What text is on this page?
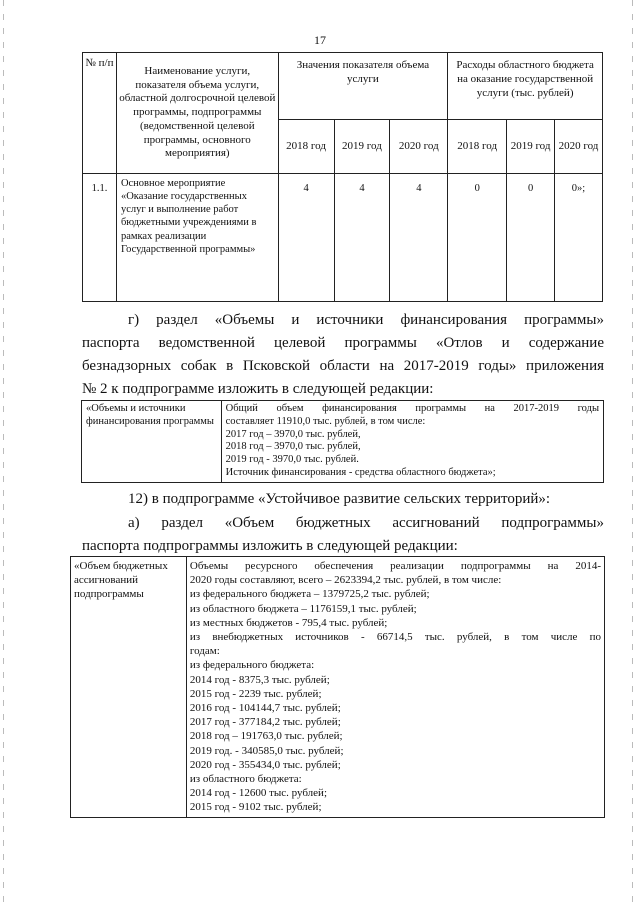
17
№ п/п	Наименование услуги, показателя объема услуги, областной долгосрочной целевой программы, подпрограммы (ведомственной целевой программы, основного мероприятия)	Значения показателя объема услуги			Расходы областного бюджета на оказание государственной услуги (тыс. рублей)		
		2018 год	2019 год	2020 год	2018 год	2019 год	2020 год
1.1.	Основное мероприятие «Оказание государственных услуг и выполнение работ бюджетными учреждениями в рамках реализации Государственной программы»	4	4	4	0	0	0»;

г) раздел «Объемы и источники финансирования программы»

паспорта ведомственной целевой программы «Отлов и содержание

безнадзорных собак в Псковской области на 2017-2019 годы» приложения

№ 2 к подпрограмме изложить в следующей редакции:

«Объемы и источники финансирования программы	
Общий объем финансирования программы на 2017-2019 годы
составляет 11910,0 тыс. рублей, в том числе:
2017 год – 3970,0 тыс. рублей,
2018 год – 3970,0 тыс. рублей,
2019 год - 3970,0 тыс. рублей.
Источник финансирования - средства областного бюджета»;

12) в подпрограмме «Устойчивое развитие сельских территорий»:

а) раздел «Объем бюджетных ассигнований подпрограммы»

паспорта подпрограммы изложить в следующей редакции:

«Объем бюджетных ассигнований подпрограммы	
Объемы ресурсного обеспечения реализации подпрограммы на 2014-
2020 годы составляют, всего – 2623394,2 тыс. рублей, в том числе:
из федерального бюджета – 1379725,2 тыс. рублей;
из областного бюджета – 1176159,1 тыс. рублей;
из местных бюджетов - 795,4 тыс. рублей;
из внебюджетных источников - 66714,5 тыс. рублей, в том числе по
годам:
из федерального бюджета:
2014 год - 8375,3 тыс. рублей;
2015 год - 2239 тыс. рублей;
2016 год - 104144,7 тыс. рублей;
2017 год - 377184,2 тыс. рублей;
2018 год – 191763,0 тыс. рублей;
2019 год. - 340585,0 тыс. рублей;
2020 год - 355434,0 тыс. рублей;
из областного бюджета:
2014 год - 12600 тыс. рублей;
2015 год - 9102 тыс. рублей;
